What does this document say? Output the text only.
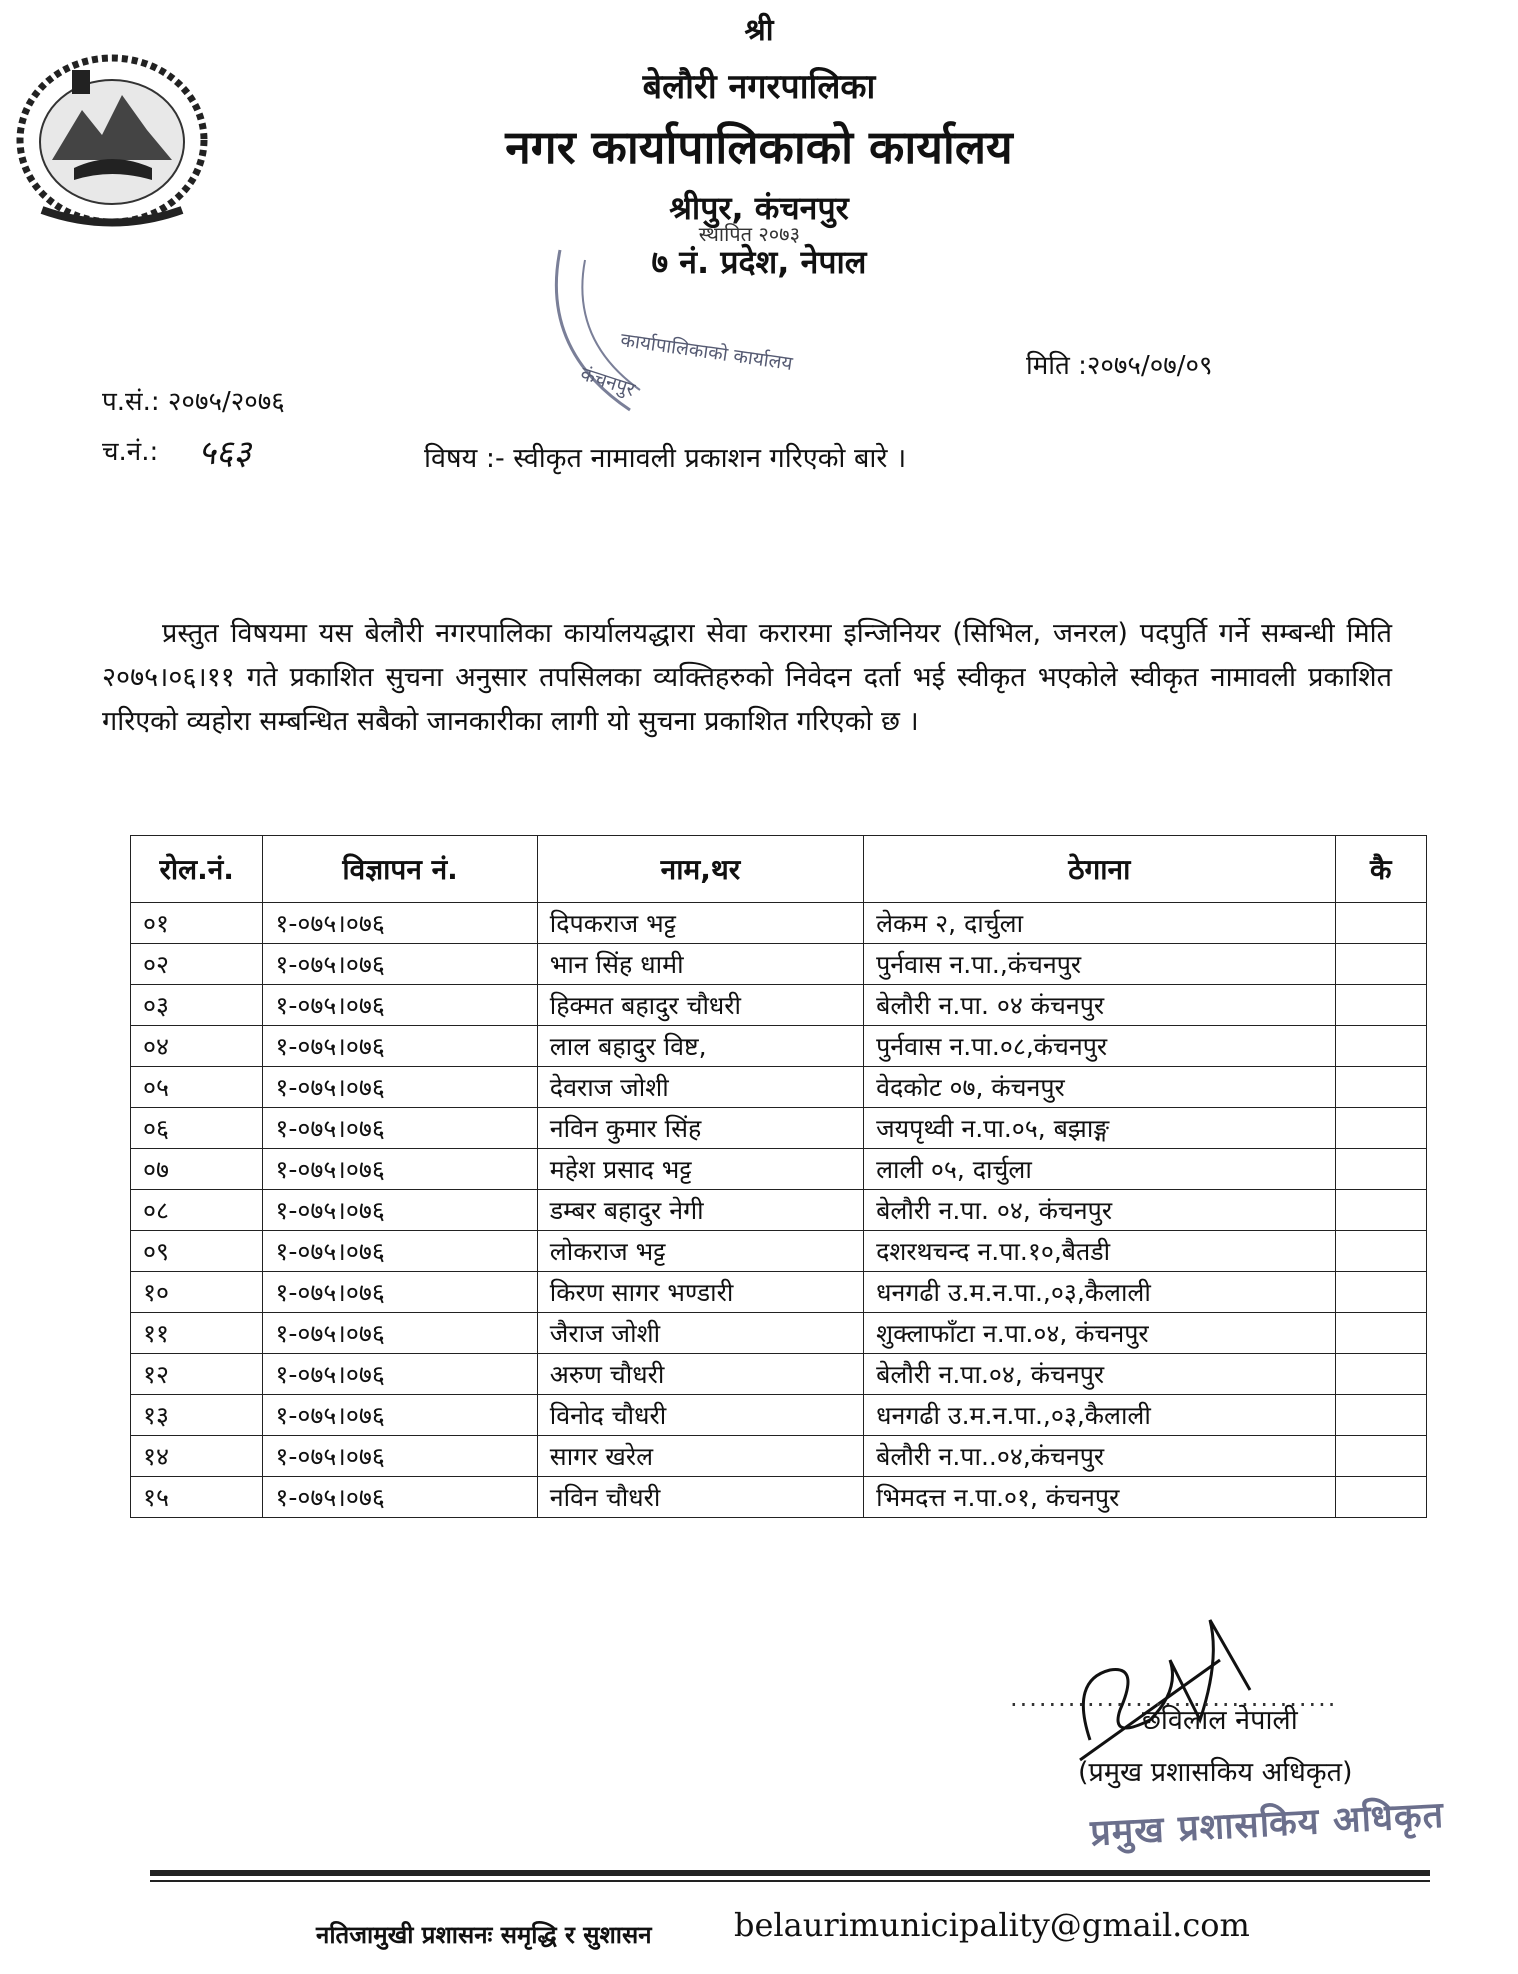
श्री
बेलौरी नगरपालिका
नगर कार्यापालिकाको कार्यालय
श्रीपुर, कंचनपुर
७ नं. प्रदेश, नेपाल
स्थापित २०७३
कार्यापालिकाको कार्यालय
कंचनपुर	मिति :२०७५/०७/०९
प.सं.: २०७५/२०७६
च.नं.: ५६३	विषय :- स्वीकृत नामावली प्रकाशन गरिएको बारे ।
प्रस्तुत विषयमा यस बेलौरी नगरपालिका कार्यालयद्धारा सेवा करारमा इन्जिनियर (सिभिल, जनरल) पदपुर्ति गर्ने सम्बन्धी मिति २०७५।०६।११ गते प्रकाशित सुचना अनुसार तपसिलका व्यक्तिहरुको निवेदन दर्ता भई स्वीकृत भएकोले स्वीकृत नामावली प्रकाशित गरिएको व्यहोरा सम्बन्धित सबैको जानकारीका लागी यो सुचना प्रकाशित गरिएको छ ।
रोल.नं.	विज्ञापन नं.	नाम,थर	ठेगाना	कै
०१	१-०७५।०७६	दिपकराज भट्ट	लेकम २, दार्चुला	
०२	१-०७५।०७६	भान सिंह धामी	पुर्नवास न.पा.,कंचनपुर	
०३	१-०७५।०७६	हिक्मत बहादुर चौधरी	बेलौरी न.पा. ०४ कंचनपुर	
०४	१-०७५।०७६	लाल बहादुर विष्ट,	पुर्नवास न.पा.०८,कंचनपुर	
०५	१-०७५।०७६	देवराज जोशी	वेदकोट ०७, कंचनपुर	
०६	१-०७५।०७६	नविन कुमार सिंह	जयपृथ्वी न.पा.०५, बझाङ्ग	
०७	१-०७५।०७६	महेश प्रसाद भट्ट	लाली ०५, दार्चुला	
०८	१-०७५।०७६	डम्बर बहादुर नेगी	बेलौरी न.पा. ०४, कंचनपुर	
०९	१-०७५।०७६	लोकराज भट्ट	दशरथचन्द न.पा.१०,बैतडी	
१०	१-०७५।०७६	किरण सागर भण्डारी	धनगढी उ.म.न.पा.,०३,कैलाली	
११	१-०७५।०७६	जैराज जोशी	शुक्लाफाँटा न.पा.०४, कंचनपुर	
१२	१-०७५।०७६	अरुण चौधरी	बेलौरी न.पा.०४, कंचनपुर	
१३	१-०७५।०७६	विनोद चौधरी	धनगढी उ.म.न.पा.,०३,कैलाली	
१४	१-०७५।०७६	सागर खरेल	बेलौरी न.पा..०४,कंचनपुर	
१५	१-०७५।०७६	नविन चौधरी	भिमदत्त न.पा.०१, कंचनपुर	
..................................
छविलाल नेपाली
(प्रमुख प्रशासकिय अधिकृत)
प्रमुख प्रशासकिय अधिकृत
नतिजामुखी प्रशासनः समृद्धि र सुशासन	belaurimunicipality@gmail.com
